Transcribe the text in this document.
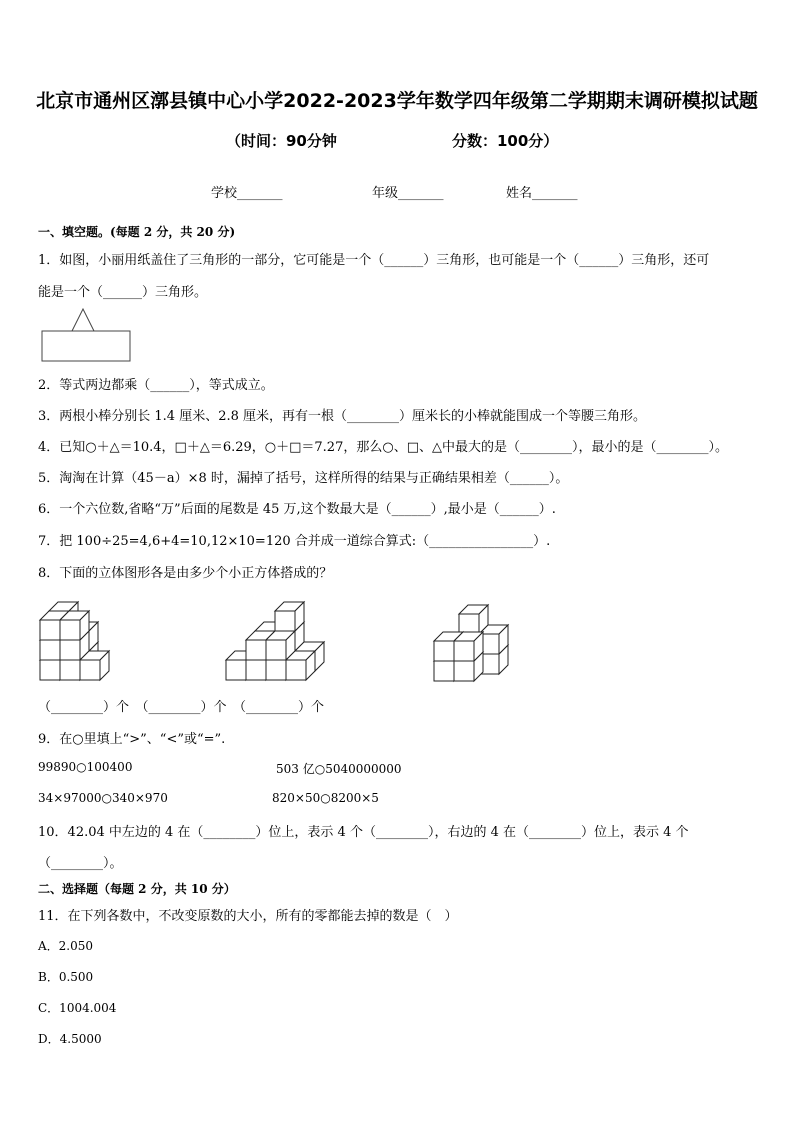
北京市通州区漷县镇中心小学2022-2023学年数学四年级第二学期期末调研模拟试题
（时间：90分钟	分数：100分）
学校_______	年级_______	姓名_______
一、填空题。(每题 2 分，共 20 分)
1．如图，小丽用纸盖住了三角形的一部分，它可能是一个（______）三角形，也可能是一个（______）三角形，还可
能是一个（______）三角形。
2．等式两边都乘（______），等式成立。
3．两根小棒分别长 1.4 厘米、2.8 厘米，再有一根（________）厘米长的小棒就能围成一个等腰三角形。
4．已知○＋△＝10.4，□＋△＝6.29，○＋□＝7.27，那么○、□、△中最大的是（________），最小的是（________）。
5．淘淘在计算（45－a）×8 时，漏掉了括号，这样所得的结果与正确结果相差（______）。
6．一个六位数,省略“万”后面的尾数是 45 万,这个数最大是（______）,最小是（______）.
7．把 100÷25=4,6+4=10,12×10=120 合并成一道综合算式:（________________）.
8．下面的立体图形各是由多少个小正方体搭成的？
（________）个　（________）个　（________）个
9．在○里填上“>”、“<”或“=”.
99890○100400	503 亿○5040000000
34×97000○340×970	820×50○8200×5
10．42.04 中左边的 4 在（________）位上，表示 4 个（________），右边的 4 在（________）位上，表示 4 个
（________）。
二、选择题（每题 2 分，共 10 分）
11．在下列各数中，不改变原数的大小，所有的零都能去掉的数是（　）
A．2.050
B．0.500
C．1004.004
D．4.5000
